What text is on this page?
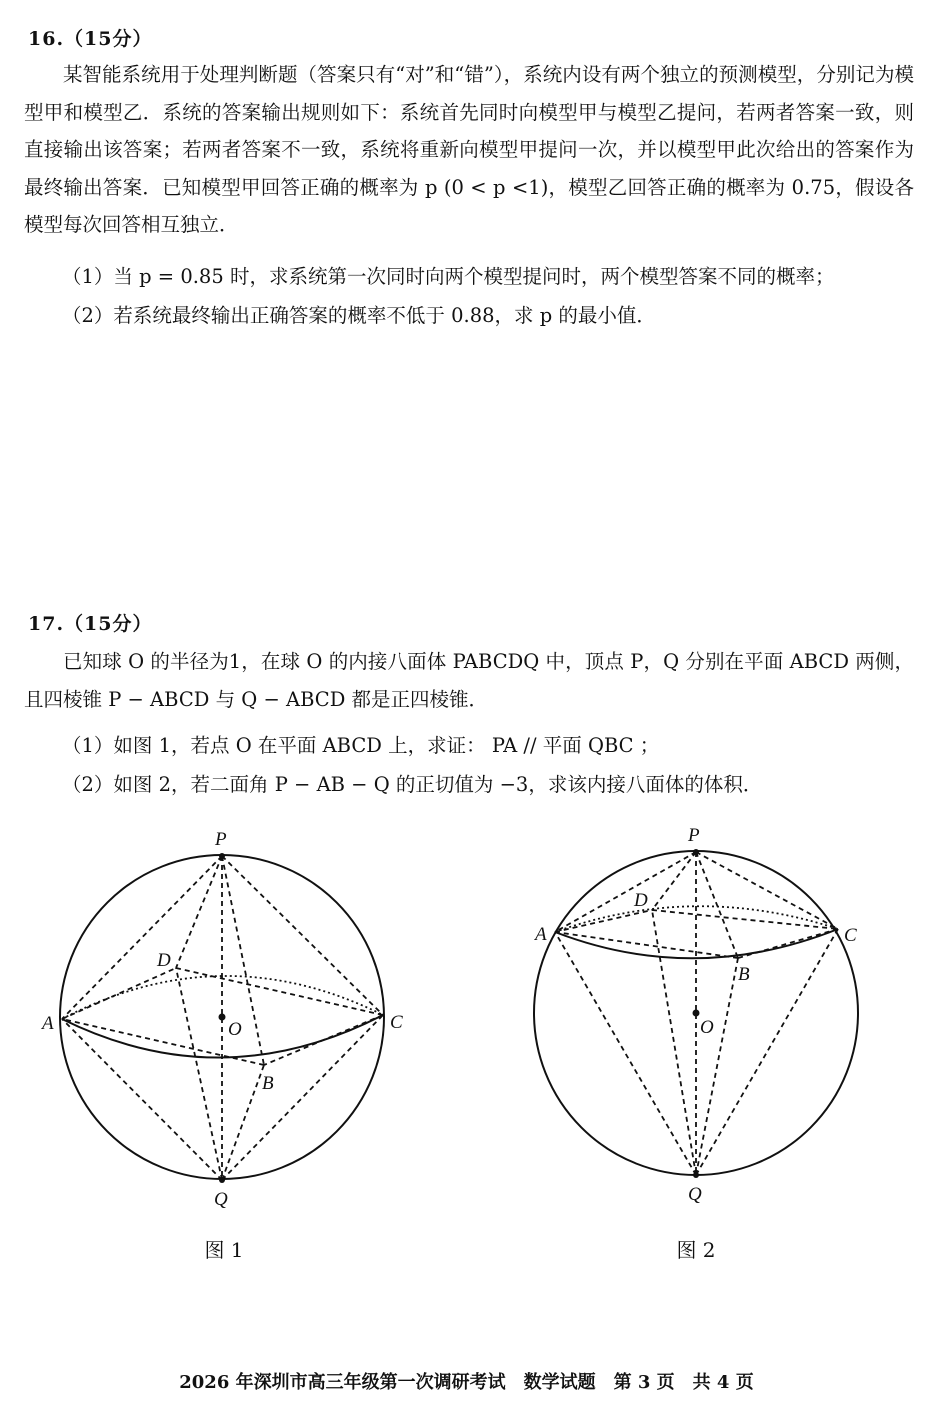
16.（15分）
某智能系统用于处理判断题（答案只有“对”和“错”），系统内设有两个独立的预测模型，分别记为模型甲和模型乙．系统的答案输出规则如下：系统首先同时向模型甲与模型乙提问，若两者答案一致，则直接输出该答案；若两者答案不一致，系统将重新向模型甲提问一次，并以模型甲此次给出的答案作为最终输出答案．已知模型甲回答正确的概率为 p (0 < p <1)，模型乙回答正确的概率为 0.75，假设各模型每次回答相互独立．
（1）当 p = 0.85 时，求系统第一次同时向两个模型提问时，两个模型答案不同的概率；
（2）若系统最终输出正确答案的概率不低于 0.88，求 p 的最小值．
17.（15分）
已知球 O 的半径为1，在球 O 的内接八面体 PABCDQ 中，顶点 P，Q 分别在平面 ABCD 两侧，且四棱锥 P − ABCD 与 Q − ABCD 都是正四棱锥．
（1）如图 1，若点 O 在平面 ABCD 上，求证： PA // 平面 QBC ；
（2）如图 2，若二面角 P − AB − Q 的正切值为 −3，求该内接八面体的体积．
P
A
D
O	C
B
Q
P
D
A	C
B
O
Q
图 1	图 2
2026 年深圳市高三年级第一次调研考试　数学试题　第 3 页　共 4 页
